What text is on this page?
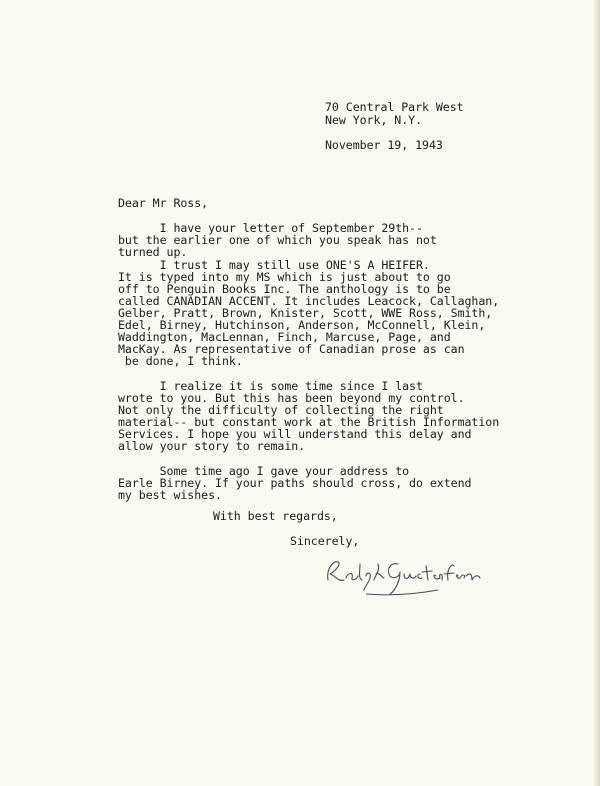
70 Central Park West
New York, N.Y.
November 19, 1943
Dear Mr Ross,
I have your letter of September 29th--
but the earlier one of which you speak has not
turned up.
I trust I may still use ONE'S A HEIFER.
It is typed into my MS which is just about to go
off to Penguin Books Inc. The anthology is to be
called CANADIAN ACCENT. It includes Leacock, Callaghan,
Gelber, Pratt, Brown, Knister, Scott, WWE Ross, Smith,
Edel, Birney, Hutchinson, Anderson, McConnell, Klein,
Waddington, MacLennan, Finch, Marcuse, Page, and
MacKay. As representative of Canadian prose as can
be done, I think.
I realize it is some time since I last
wrote to you. But this has been beyond my control.
Not only the difficulty of collecting the right
material-- but constant work at the British Information
Services. I hope you will understand this delay and
allow your story to remain.
Some time ago I gave your address to
Earle Birney. If your paths should cross, do extend
my best wishes.
With best regards,
Sincerely,
Ralph Gustafson
